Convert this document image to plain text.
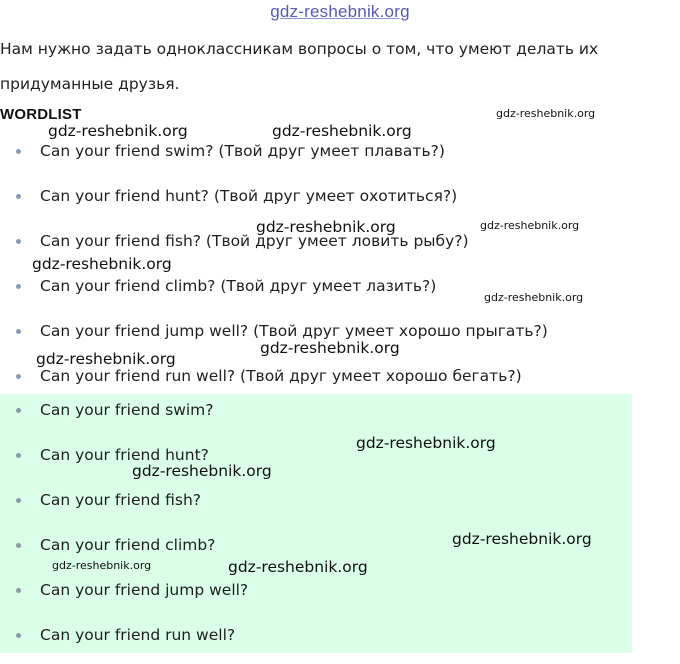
gdz-reshebnik.org

Нам нужно задать одноклассникам вопросы о том, что умеют делать их придуманные друзья.

WORDLIST
Can your friend swim? (Твой друг умеет плавать?)
Can your friend hunt? (Твой друг умеет охотиться?)
Can your friend fish? (Твой друг умеет ловить рыбу?)
Can your friend climb? (Твой друг умеет лазить?)
Can your friend jump well? (Твой друг умеет хорошо прыгать?)
Can your friend run well? (Твой друг умеет хорошо бегать?)
Can your friend swim?
Can your friend hunt?
Can your friend fish?
Can your friend climb?
Can your friend jump well?
Can your friend run well?
gdz-reshebnik.org	gdz-reshebnik.org
gdz-reshebnik.org
gdz-reshebnik.org	gdz-reshebnik.org
gdz-reshebnik.org
gdz-reshebnik.org
gdz-reshebnik.org
gdz-reshebnik.org
gdz-reshebnik.org
gdz-reshebnik.org
gdz-reshebnik.org
gdz-reshebnik.org	gdz-reshebnik.org
